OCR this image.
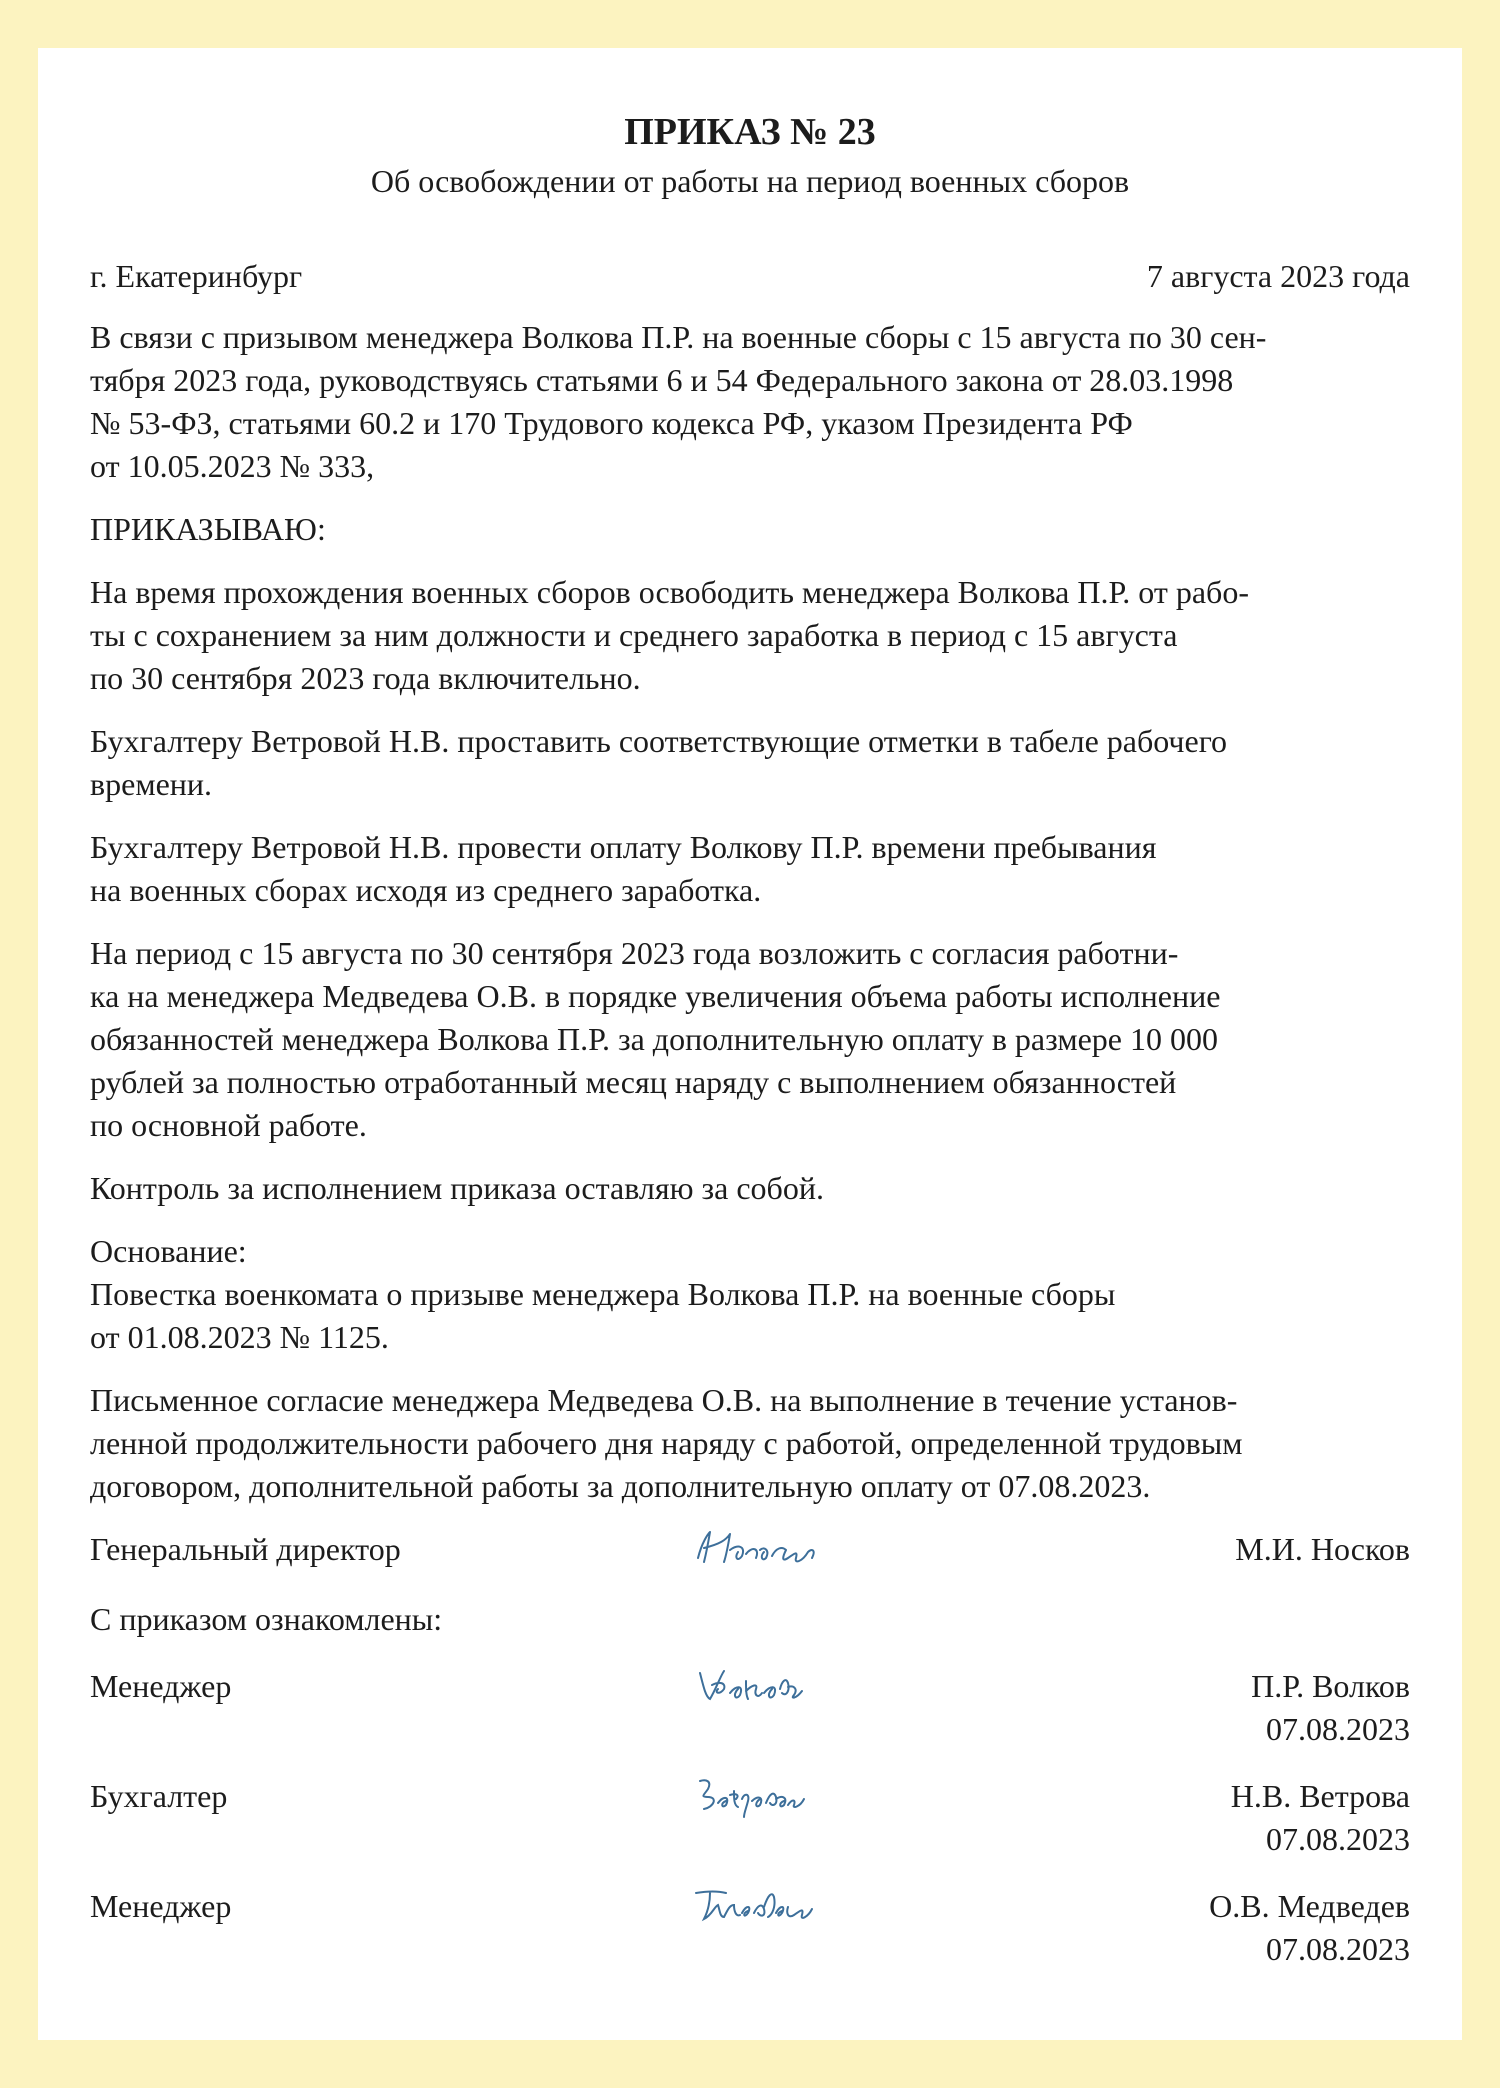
ПРИКАЗ № 23
Об освобождении от работы на период военных сборов
г. Екатеринбург	7 августа 2023 года
В связи с призывом менеджера Волкова П.Р. на военные сборы с 15 августа по 30 сен-
тября 2023 года, руководствуясь статьями 6 и 54 Федерального закона от 28.03.1998
№ 53-ФЗ, статьями 60.2 и 170 Трудового кодекса РФ, указом Президента РФ
от 10.05.2023 № 333,
ПРИКАЗЫВАЮ:
На время прохождения военных сборов освободить менеджера Волкова П.Р. от рабо-
ты с сохранением за ним должности и среднего заработка в период с 15 августа
по 30 сентября 2023 года включительно.
Бухгалтеру Ветровой Н.В. проставить соответствующие отметки в табеле рабочего
времени.
Бухгалтеру Ветровой Н.В. провести оплату Волкову П.Р. времени пребывания
на военных сборах исходя из среднего заработка.
На период с 15 августа по 30 сентября 2023 года возложить с согласия работни-
ка на менеджера Медведева О.В. в порядке увеличения объема работы исполнение
обязанностей менеджера Волкова П.Р. за дополнительную оплату в размере 10 000
рублей за полностью отработанный месяц наряду с выполнением обязанностей
по основной работе.
Контроль за исполнением приказа оставляю за собой.
Основание:
Повестка военкомата о призыве менеджера Волкова П.Р. на военные сборы
от 01.08.2023 № 1125.
Письменное согласие менеджера Медведева О.В. на выполнение в течение установ-
ленной продолжительности рабочего дня наряду с работой, определенной трудовым
договором, дополнительной работы за дополнительную оплату от 07.08.2023.
Генеральный директор	М.И. Носков
С приказом ознакомлены:
Менеджер	П.Р. Волков
07.08.2023
Бухгалтер	Н.В. Ветрова
07.08.2023
Менеджер	О.В. Медведев
07.08.2023
